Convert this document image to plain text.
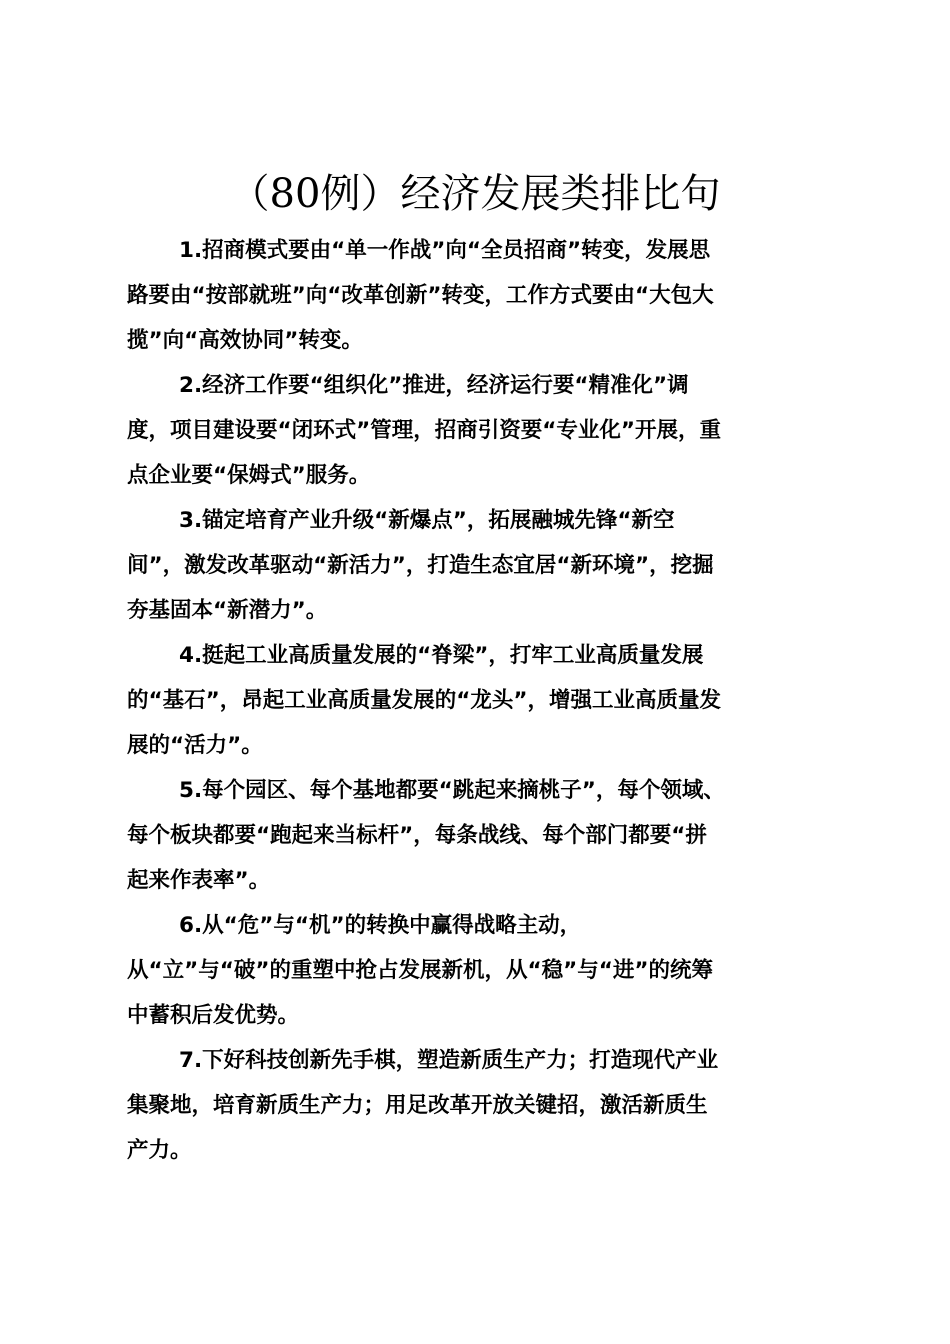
（80例）经济发展类排比句

1.招商模式要由“单一作战”向“全员招商”转变，发展思
路要由“按部就班”向“改革创新”转变，工作方式要由“大包大
揽”向“高效协同”转变。

2.经济工作要“组织化”推进，经济运行要“精准化”调
度，项目建设要“闭环式”管理，招商引资要“专业化”开展，重
点企业要“保姆式”服务。

3.锚定培育产业升级“新爆点”，拓展融城先锋“新空
间”，激发改革驱动“新活力”，打造生态宜居“新环境”，挖掘
夯基固本“新潜力”。

4.挺起工业高质量发展的“脊梁”，打牢工业高质量发展
的“基石”，昂起工业高质量发展的“龙头”，增强工业高质量发
展的“活力”。

5.每个园区、每个基地都要“跳起来摘桃子”，每个领域、
每个板块都要“跑起来当标杆”，每条战线、每个部门都要“拼
起来作表率”。

6.从“危”与“机”的转换中赢得战略主动，
从“立”与“破”的重塑中抢占发展新机，从“稳”与“进”的统筹
中蓄积后发优势。

7.下好科技创新先手棋，塑造新质生产力；打造现代产业
集聚地，培育新质生产力；用足改革开放关键招，激活新质生
产力。
